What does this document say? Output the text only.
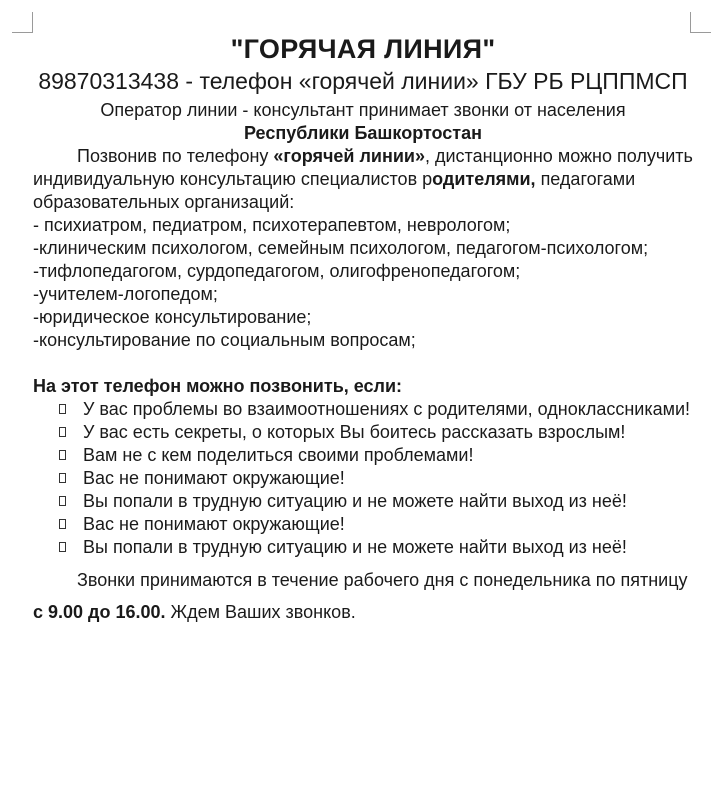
"ГОРЯЧАЯ ЛИНИЯ"

89870313438 - телефон «горячей линии» ГБУ РБ РЦППМСП

Оператор линии - консультант принимает звонки от населения
Республики Башкортостан

Позвонив по телефону «горячей линии», дистанционно можно получить индивидуальную консультацию специалистов родителями, педагогами образовательных организаций:

- психиатром, педиатром, психотерапевтом, неврологом;
-клиническим психологом, семейным психологом, педагогом-психологом;
-тифлопедагогом, сурдопедагогом, олигофренопедагогом;
-учителем-логопедом;
-юридическое консультирование;
-консультирование по социальным вопросам;

На этот телефон можно позвонить, если:

У вас проблемы во взаимоотношениях с родителями, одноклассниками!
У вас есть секреты, о которых Вы боитесь рассказать взрослым!
Вам не с кем поделиться своими проблемами!
Вас не понимают окружающие!
Вы попали в трудную ситуацию и не можете найти выход из неё!
Вас не понимают окружающие!
Вы попали в трудную ситуацию и не можете найти выход из неё!

Звонки принимаются в течение рабочего дня с понедельника по пятницу с 9.00 до 16.00. Ждем Ваших звонков.
